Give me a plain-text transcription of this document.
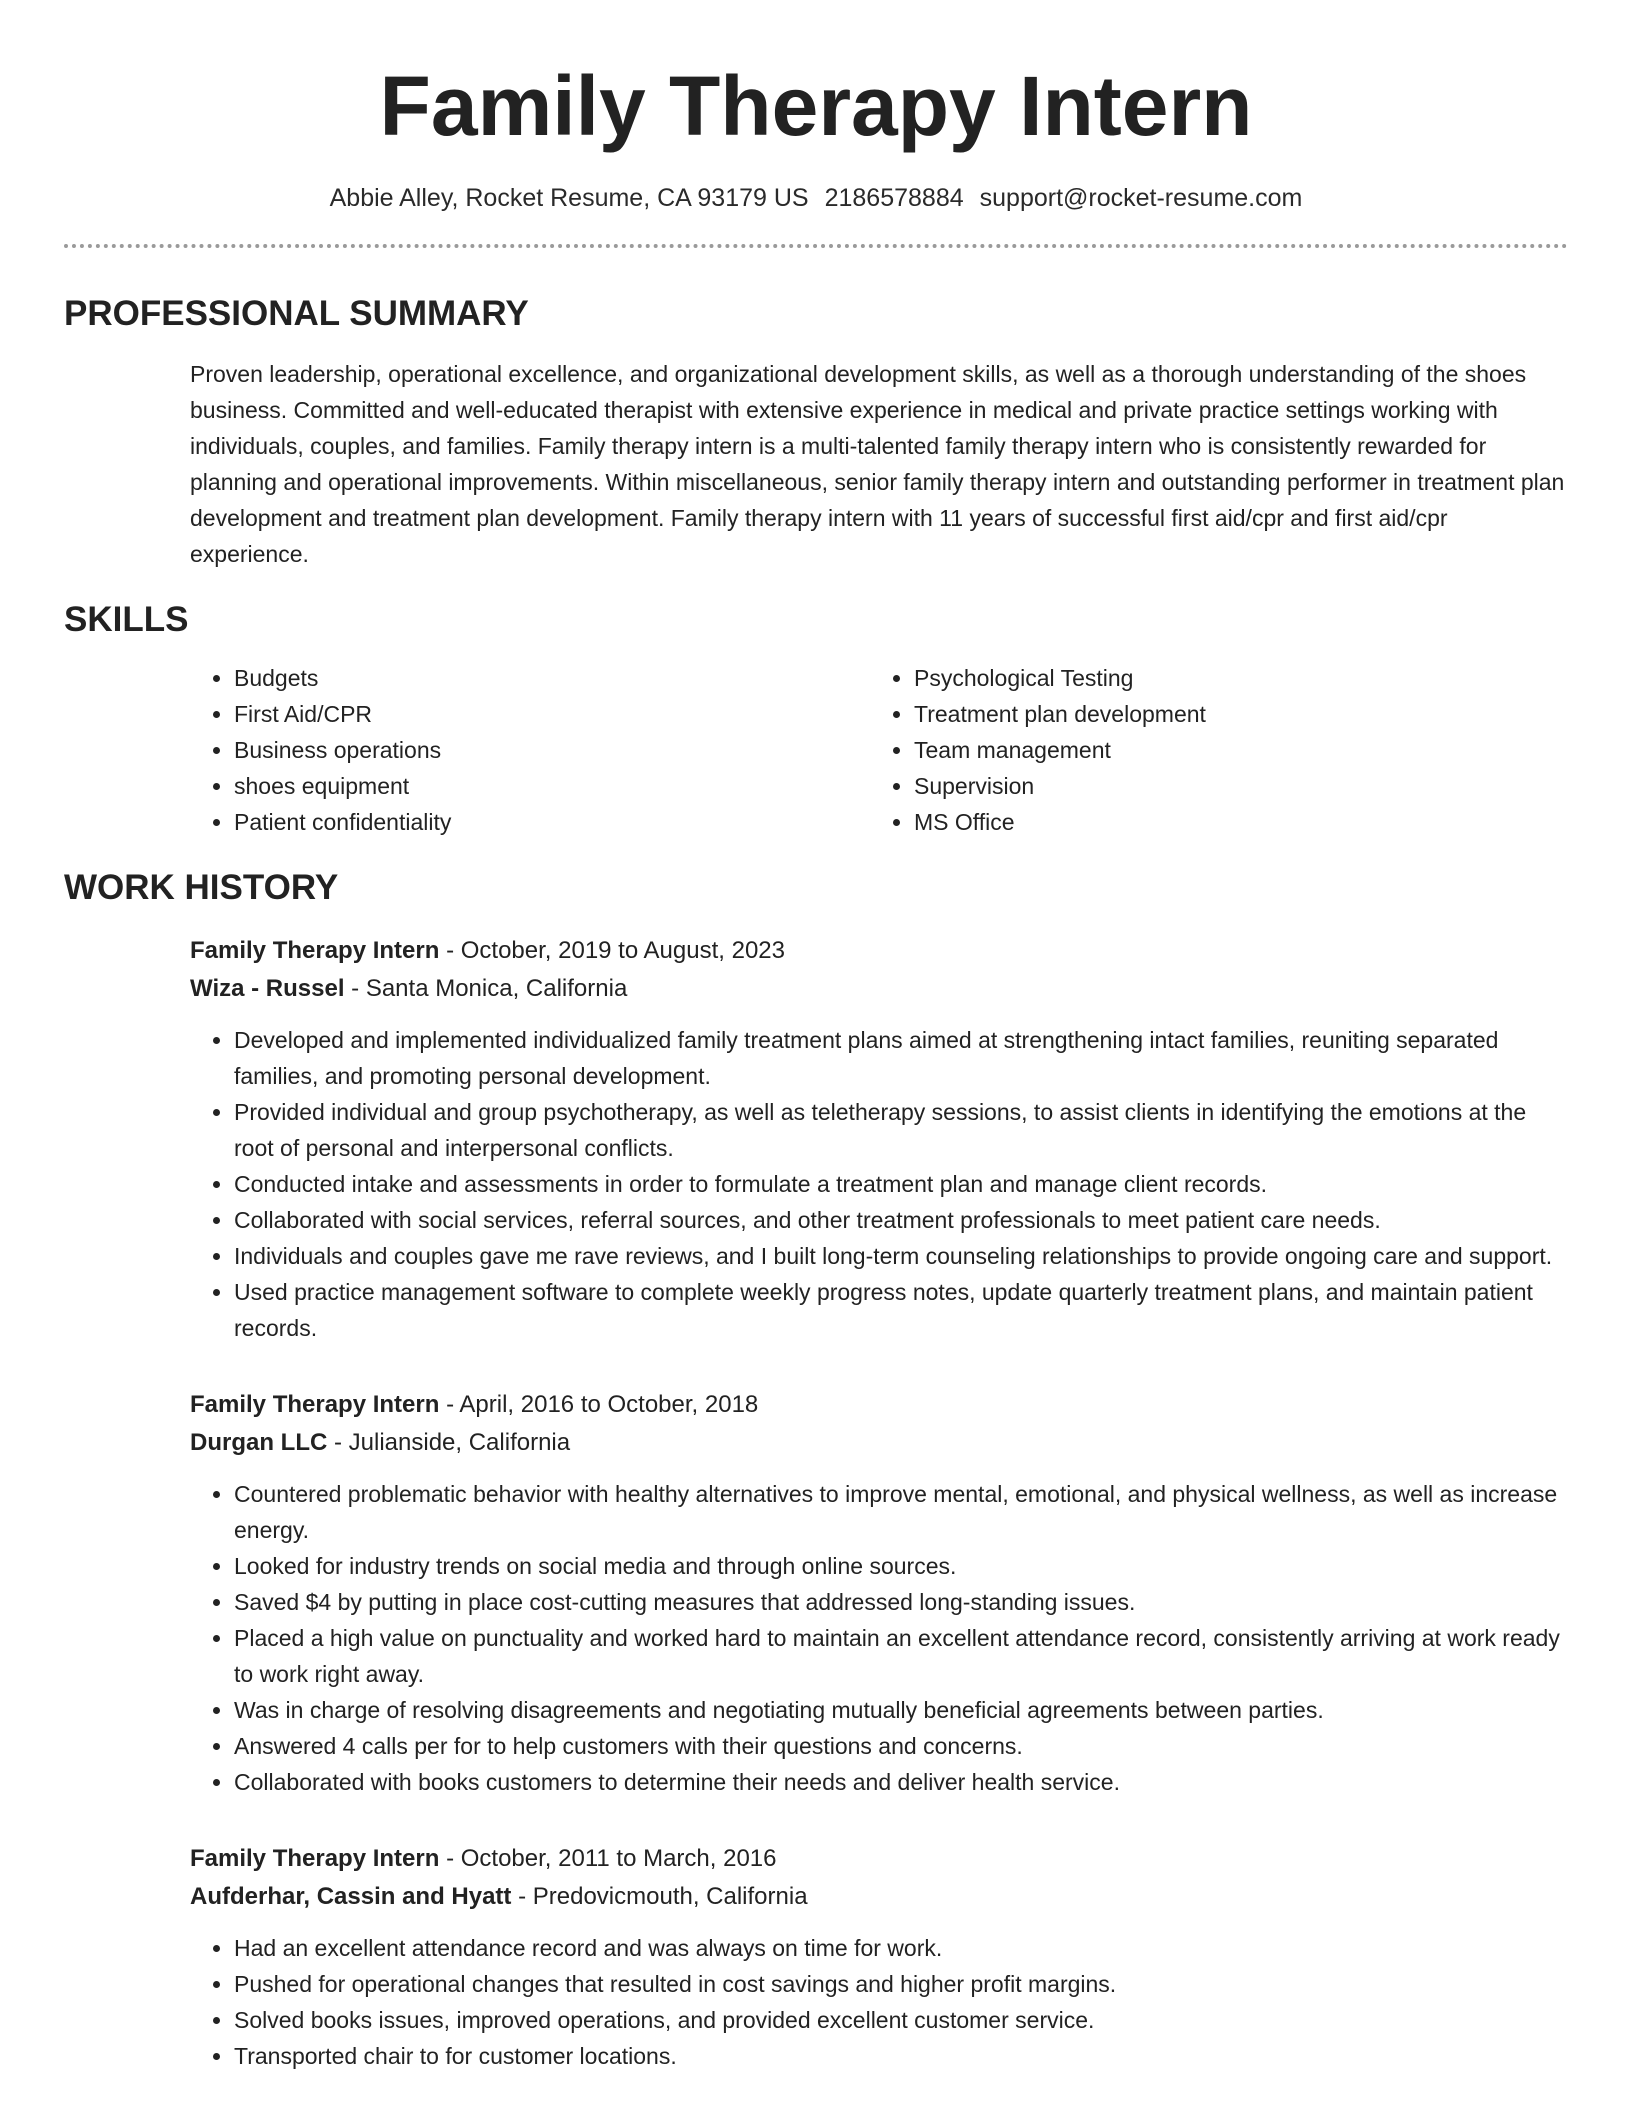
Family Therapy Intern
Abbie Alley, Rocket Resume, CA 93179 US 2186578884 support@rocket-resume.com
PROFESSIONAL SUMMARY

Proven leadership, operational excellence, and organizational development skills, as well as a thorough understanding of the shoes business. Committed and well-educated therapist with extensive experience in medical and private practice settings working with individuals, couples, and families. Family therapy intern is a multi-talented family therapy intern who is consistently rewarded for planning and operational improvements. Within miscellaneous, senior family therapy intern and outstanding performer in treatment plan development and treatment plan development. Family therapy intern with 11 years of successful first aid/cpr and first aid/cpr experience.

SKILLS
• Budgets
• First Aid/CPR
• Business operations
• shoes equipment
• Patient confidentiality
• Psychological Testing
• Treatment plan development
• Team management
• Supervision
• MS Office
WORK HISTORY
Family Therapy Intern - October, 2019 to August, 2023
Wiza - Russel - Santa Monica, California
• Developed and implemented individualized family treatment plans aimed at strengthening intact families, reuniting separated families, and promoting personal development.
• Provided individual and group psychotherapy, as well as teletherapy sessions, to assist clients in identifying the emotions at the root of personal and interpersonal conflicts.
• Conducted intake and assessments in order to formulate a treatment plan and manage client records.
• Collaborated with social services, referral sources, and other treatment professionals to meet patient care needs.
• Individuals and couples gave me rave reviews, and I built long-term counseling relationships to provide ongoing care and support.
• Used practice management software to complete weekly progress notes, update quarterly treatment plans, and maintain patient records.
Family Therapy Intern - April, 2016 to October, 2018
Durgan LLC - Julianside, California
• Countered problematic behavior with healthy alternatives to improve mental, emotional, and physical wellness, as well as increase energy.
• Looked for industry trends on social media and through online sources.
• Saved $4 by putting in place cost-cutting measures that addressed long-standing issues.
• Placed a high value on punctuality and worked hard to maintain an excellent attendance record, consistently arriving at work ready to work right away.
• Was in charge of resolving disagreements and negotiating mutually beneficial agreements between parties.
• Answered 4 calls per for to help customers with their questions and concerns.
• Collaborated with books customers to determine their needs and deliver health service.
Family Therapy Intern - October, 2011 to March, 2016
Aufderhar, Cassin and Hyatt - Predovicmouth, California
• Had an excellent attendance record and was always on time for work.
• Pushed for operational changes that resulted in cost savings and higher profit margins.
• Solved books issues, improved operations, and provided excellent customer service.
• Transported chair to for customer locations.
